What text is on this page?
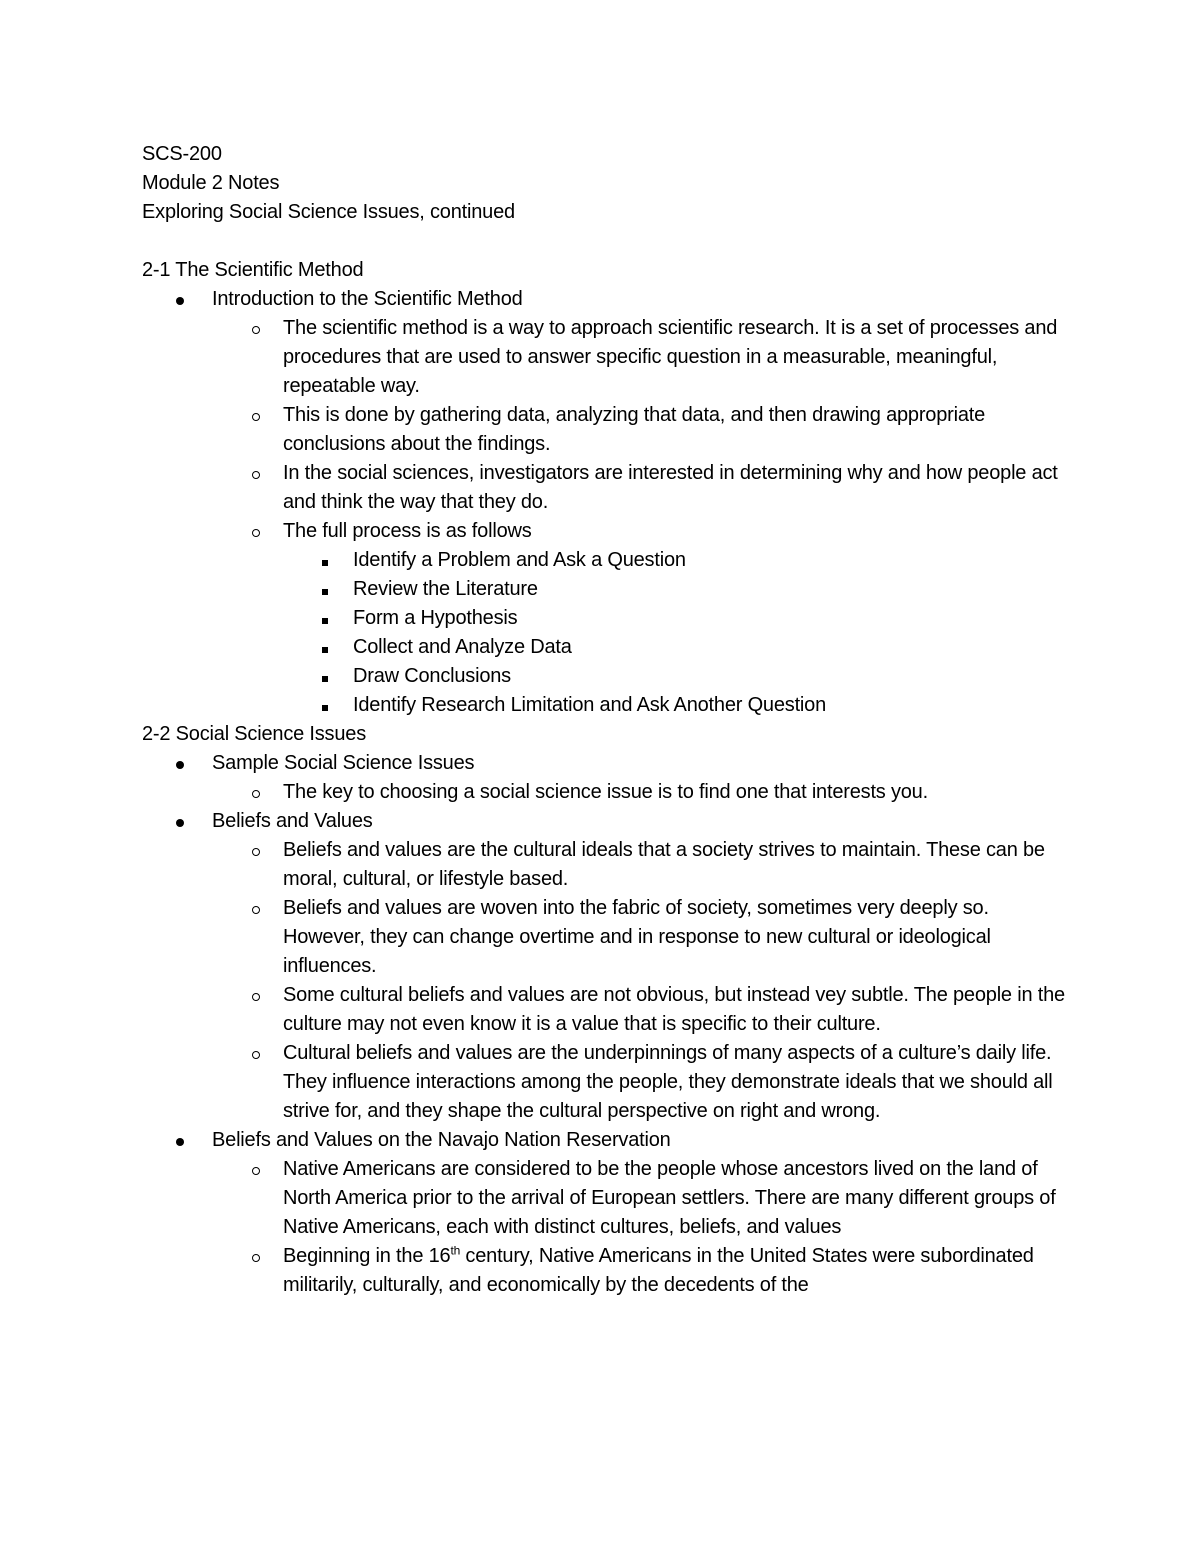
SCS-200

Module 2 Notes

Exploring Social Science Issues, continued

2-1 The Scientific Method

Introduction to the Scientific Method
The scientific method is a way to approach scientific research. It is a set of processes and procedures that are used to answer specific question in a measurable, meaningful, repeatable way.
This is done by gathering data, analyzing that data, and then drawing appropriate conclusions about the findings.
In the social sciences, investigators are interested in determining why and how people act and think the way that they do.
The full process is as follows
Identify a Problem and Ask a Question
Review the Literature
Form a Hypothesis
Collect and Analyze Data
Draw Conclusions
Identify Research Limitation and Ask Another Question

2-2 Social Science Issues

Sample Social Science Issues
The key to choosing a social science issue is to find one that interests you.
Beliefs and Values
Beliefs and values are the cultural ideals that a society strives to maintain. These can be moral, cultural, or lifestyle based.
Beliefs and values are woven into the fabric of society, sometimes very deeply so. However, they can change overtime and in response to new cultural or ideological influences.
Some cultural beliefs and values are not obvious, but instead vey subtle. The people in the culture may not even know it is a value that is specific to their culture.
Cultural beliefs and values are the underpinnings of many aspects of a culture’s daily life. They influence interactions among the people, they demonstrate ideals that we should all strive for, and they shape the cultural perspective on right and wrong.
Beliefs and Values on the Navajo Nation Reservation
Native Americans are considered to be the people whose ancestors lived on the land of North America prior to the arrival of European settlers. There are many different groups of Native Americans, each with distinct cultures, beliefs, and values
Beginning in the 16th century, Native Americans in the United States were subordinated militarily, culturally, and economically by the decedents of the
